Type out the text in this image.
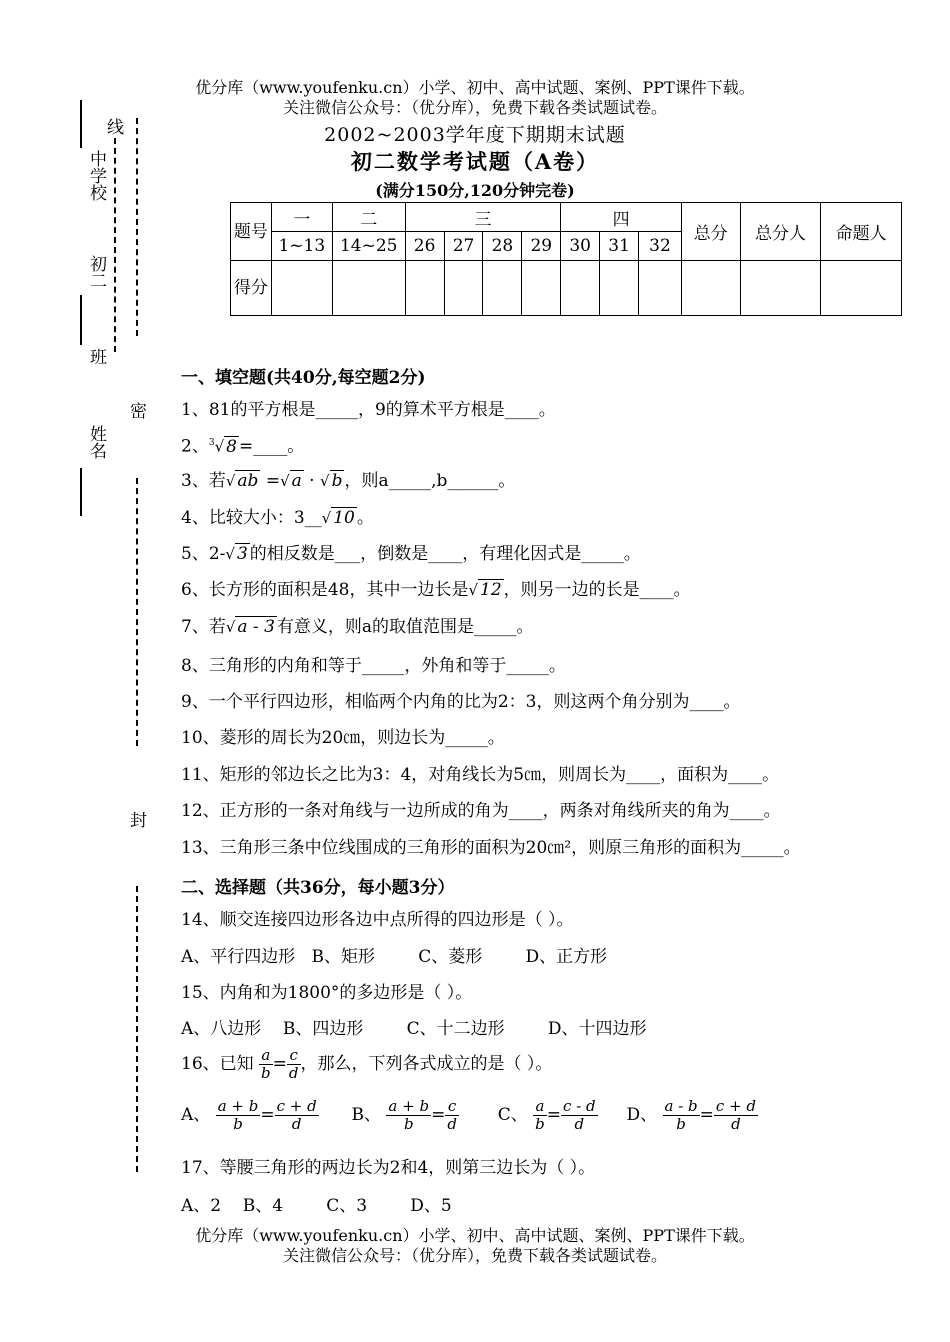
优分库（www.youfenku.cn）小学、初中、高中试题、案例、PPT课件下载。
关注微信公众号：（优分库），免费下载各类试题试卷。
2002~2003学年度下期期末试题
初二数学考试题（A卷）
(满分150分,120分钟完卷)
题号	一	二	三				四			总分	总分人	命题人
	1~13	14~25	26	27	28	29	30	31	32			
得分												
中学校
初二
班
姓名
线
密
封
一、填空题(共40分,每空题2分)
1、81的平方根是_____，9的算术平方根是____。
2、$^3$√ 8 =____。
3、若√ ab =√ a · √ b ，则a_____,b______。
4、比较大小：3__√ 10 。
5、2-√ 3 的相反数是___，倒数是____，有理化因式是_____。
6、长方形的面积是48，其中一边长是√ 12 ，则另一边的长是____。
7、若√ a - 3 有意义，则a的取值范围是_____。
8、三角形的内角和等于_____，外角和等于_____。
9、一个平行四边形，相临两个内角的比为2：3，则这两个角分别为____。
10、菱形的周长为20㎝，则边长为_____。
11、矩形的邻边长之比为3：4，对角线长为5㎝，则周长为____，面积为____。
12、正方形的一条对角线与一边所成的角为____，两条对角线所夹的角为____。
13、三角形三条中位线围成的三角形的面积为20㎝²，则原三角形的面积为_____。
二、选择题（共36分，每小题3分）
14、顺交连接四边形各边中点所得的四边形是（ ）。
A、平行四边形   B、矩形        C、菱形        D、正方形
15、内角和为1800°的多边形是（ ）。
A、八边形    B、四边形        C、十二边形        D、十四边形
16、已知 $\frac{a}{b} = \frac{c}{d}$ ，那么，下列各式成立的是（ ）。
A、 $\frac{a + b}{b} = \frac{c + d}{d}$ B、 $\frac{a + b}{b} = \frac{c}{d}$ C、 $\frac{a}{b} = \frac{c - d}{d}$ D、 $\frac{a - b}{b} = \frac{c + d}{d}$
17、等腰三角形的两边长为2和4，则第三边长为（ ）。
A、2    B、4        C、3        D、5
优分库（www.youfenku.cn）小学、初中、高中试题、案例、PPT课件下载。
关注微信公众号：（优分库），免费下载各类试题试卷。
